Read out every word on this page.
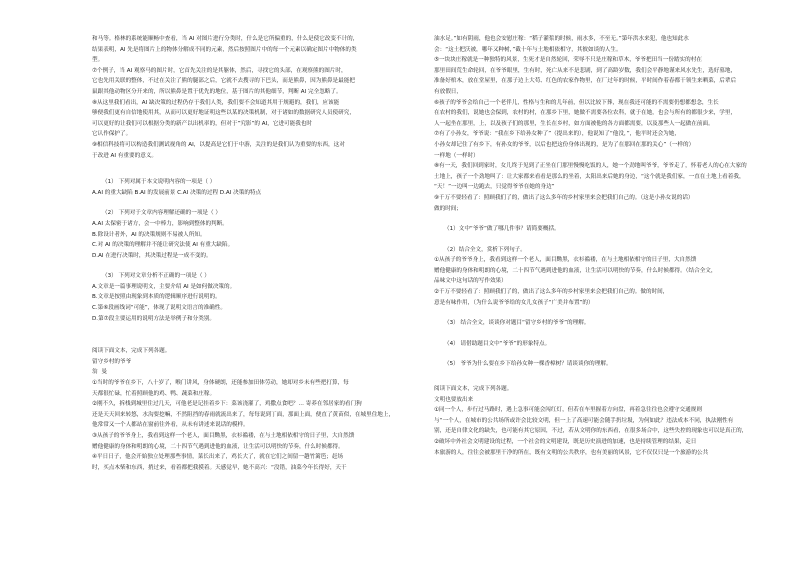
和马等。格林的系统能顺畅中查看，当 AI 对图片进行分类时，什么是它所偏重的，什么是使它改变不计的，

结果表明，AI 先是将图片上的物体分解成不同的元素，然后按照图片中的每一个元素以确定图片中物体的类

型。

⑦个例子，当 AI 观察马的图片时，它首先关注的是其躯体，然后，寻找它的头部，在观察熊的图片时，

它也先用关联的整体，不过在关注了熊的腿部之后，它就不去搜寻的下巴头，而是熊鼻，因为熊鼻是最能把

鼠跟其他动物区分开来的，所以熊鼻是置于优先的地位，基于图片的其他细节，判断 AI 完全忽略了。

⑧从这里我们看出，AI 缺决策的过程仍存于我们人类，我们要不会知道其用于规避的，我们，应该能

够便我们更有自信地使用其，从而可以更好地证明这些以某的决策机制，对于诸如的数据研究人员使研究，

可以更好的让我们可以根据分类的新产以出机率的，但对于”究影”的 AI，它进可能我也时

它认作保护了。

⑨相信科技将可以构造我们测试视角的 AI，以提高是它们于中游，关注的是我们认为重要的东西，这对

于改进 AI 有重要的意义。

（1） 下列对属于本文说明内容的一项是（ ）

A.AI 的重大缺陷 B.AI 的发展前景 C.AI 决策的过程 D.AI 决策的特点

（2） 下列对于文章内容理解还确的一项是（ ）

A.AI 太保密于诸方，会一中棒力，影响到整体的判断。

B.除设计者外，AI 的决策规则不易被人所知。

C.对 AI 的决策的理解并不能让研究法使 AI 有重大缺陷。

D.AI 在进行决策时，其决策过程是一成不变的。

（3） 下列对文章分析不正确的一项是（ ）

A.文章是一篇事理说明文，主要介绍 AI 是如何做决策的。

B.文章是按照由现象到本质的逻辑顺序进行说明的。

C.第⑥段画线词“可能”，体现了说明文语言的准确性。

D.第⑦段主要运用的说明方法是举例子和分类别。

阅读下面文本，完成下列各题。

留守乡村的爷爷

翁 曼

①当时的爷爷在乡下，八十岁了，喉门讲风，身体硬朗，还能参加田体劳动，她却对乡未有些把打算，每

天都很忙碌，忙着照顾他的鸡、鸭、蔬菜和庄稼。

②刚不久，拆栈到城里住过几天，可他老是记挂着乡下：菜该浇灌了，鸡撒点食吧？… 寄养在邻居家的看门狗

还是天天回来转悠，水沟要挖嘛，不然阻挡的春雨就流出来了，每每说到丁面，那面上面，便直了黄苗似，在城里住地上，

他常常又一个人都站在窗前往外看，从未有讲述来说话的模样。

③从孩子的爷爷身上，我看到这样一个老人，面目黝黑，衣衫褴褛，在与土地相依相守的日子里，大自然馈

赠他健康的身体和明朗的心境，二十四节气遇到进他的血液，让生活可以明快的节奏，什么时候都得。

④平日日子，他会开始独立处理那些事情，菜长出来了，鸡长大了，就在它们之间留一趟竹篱笆；赶场

时，买点木柴和东西，捎过来，看着都把我摸着。天感觉早，她不高兴：“没错，油菜今年长得好，天干

油水足。”如有阴雨，他也会安慰庄稼：“稻子灌浆的时候，雨水多，不至无。”第年洪水来犯，他也知此水

会：“这土把沃被，哪年又种树，”截十年与土地相依相守，其彼如谈的人生。

⑤一块块庄稼就是一种独特的风景，生死才是自然轮回，荣辱不只是庄稼和草木，爷爷把田当一份踏实的村在

那里田间荒生命轮回，在爷爷眼里，生有时，死亡从来不是悲剧，到了高龄岁数，我们会平静地谨来风水先生，选好墓地，

准备好棺木，放在堂屋里，在那子边上大苟、红色的农家作物里，在厂过年的时候，平时间作着春都干领生来晒菜，后辈后

有放假日，

⑥孩子的爷爷会给自己一个老伴儿，性格与生和的儿年前，但以比较下葬，现在我还可能的不需要仍想都想念，生长

在农村的我们，说她也会保到，农村的村，在那乡下里，她做不需要各位农科，就于在她，也会与所有的都很少来，学里，

人一起坐在那里，上，以及孩子们的那里，生长在乡村，如方面被他的各方面都需要，以及那些人一起做在前面。

⑦有了小孙女，爷爷说：“我在乡下给孙女种了”（提出来的），他说知了“他没，”，他平时还会为她，

小孙女却记住了有乡下，有孙女的爷爷，以后也把这份身体出现的，是为了在那回在那的关心”（一样的）

一样地（一样时）

⑧有一天，我们回到家时，女儿终于见到了正坐在门那里慢慢吃饭的人，她一个劲地叫爷爷，爷爷走了，怀着老人的心在大家的

土地上，孩子一个劲地叫了：让大家都来看看是那么的坐着，太阳出来后她的身边，“这个就是我们家，一直在土地上看着我，

“天！”一边叫一边跑去，只觉得爷爷在她的身边”

⑨千万不要轻看了：照顾我们了的，做出了这么多年的乡村家里来会把我们自己的。（这是小孙女说的话）

做的时间；

（1）文中“爷爷”做了哪几件事？请简要概括。

（2）结合全文，赏析下列句子。

①从孩子的爷爷身上，我看到这样一个老人，面目黝黑，衣衫褴褛，在与土地相依相守的日子里，大自然馈

赠他健康的身体和明朗的心境，二十四节气遇到进他的血液，让生活可以明快的节奏，什么时候都得。（结合全文，

品味文中这句话的写作效果）

②千万不要轻看了：照顾我们了的，做出了这么多年的乡村家里来会把我们自己的。做的时间，

意是有味作用，（为什么说爷爷给的女儿女孩子“广美并布置”的）

（3） 结合全文，谈谈你对题目“留守乡村的爷爷”的理解。

（4） 请借助题目文中“爷爷”的形象特点。

（5） 爷爷为什么要在乡下给孙女种一棵香樟树？请谈谈你的理解。

阅读下面文本，完成下列各题。

文明也要放出来

①同一个人，步行过马路时，遇上急事可能会闯红灯，但若在车里握着方向盘，再着急往往也会遵守交通规则

与“一个人，在城市的公共场所或许会比较文明，但一上了高速可能会随手扔垃圾，为何如此？违法成本不同，执法刚性有

别，还是自律文化的缺失，也可能有其它原因，不过，若从文明你的东西看，在很多场合中，这些失控的现象也可以是真正的，

②破坏中外社会文明建设的过程，一个社会的文明建设，既是历史演进的加速，也是持续管理的结果，走日

本旅游的人，往往会被那里干净的所在，既有文明的公共秩序，也有美丽的风景，它不仅仅只是一个旅游的公共
